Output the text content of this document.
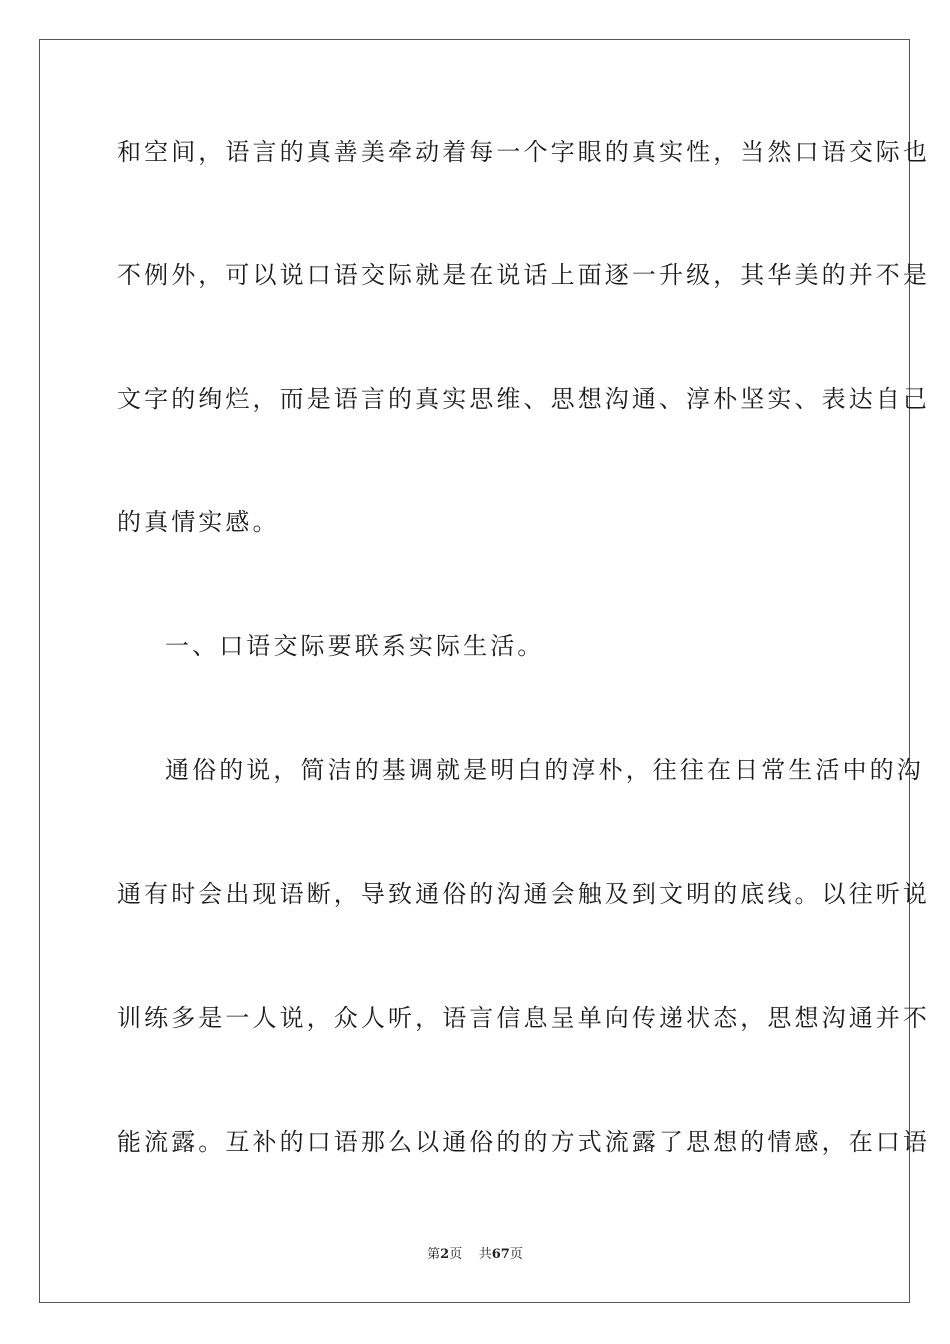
和空间，语言的真善美牵动着每一个字眼的真实性，当然口语交际也
不例外，可以说口语交际就是在说话上面逐一升级，其华美的并不是
文字的绚烂，而是语言的真实思维、思想沟通、淳朴坚实、表达自己
的真情实感。
一、口语交际要联系实际生活。
通俗的说，简洁的基调就是明白的淳朴，往往在日常生活中的沟
通有时会出现语断，导致通俗的沟通会触及到文明的底线。以往听说
训练多是一人说，众人听，语言信息呈单向传递状态，思想沟通并不
能流露。互补的口语那么以通俗的的方式流露了思想的情感，在口语
第2页 共67页
